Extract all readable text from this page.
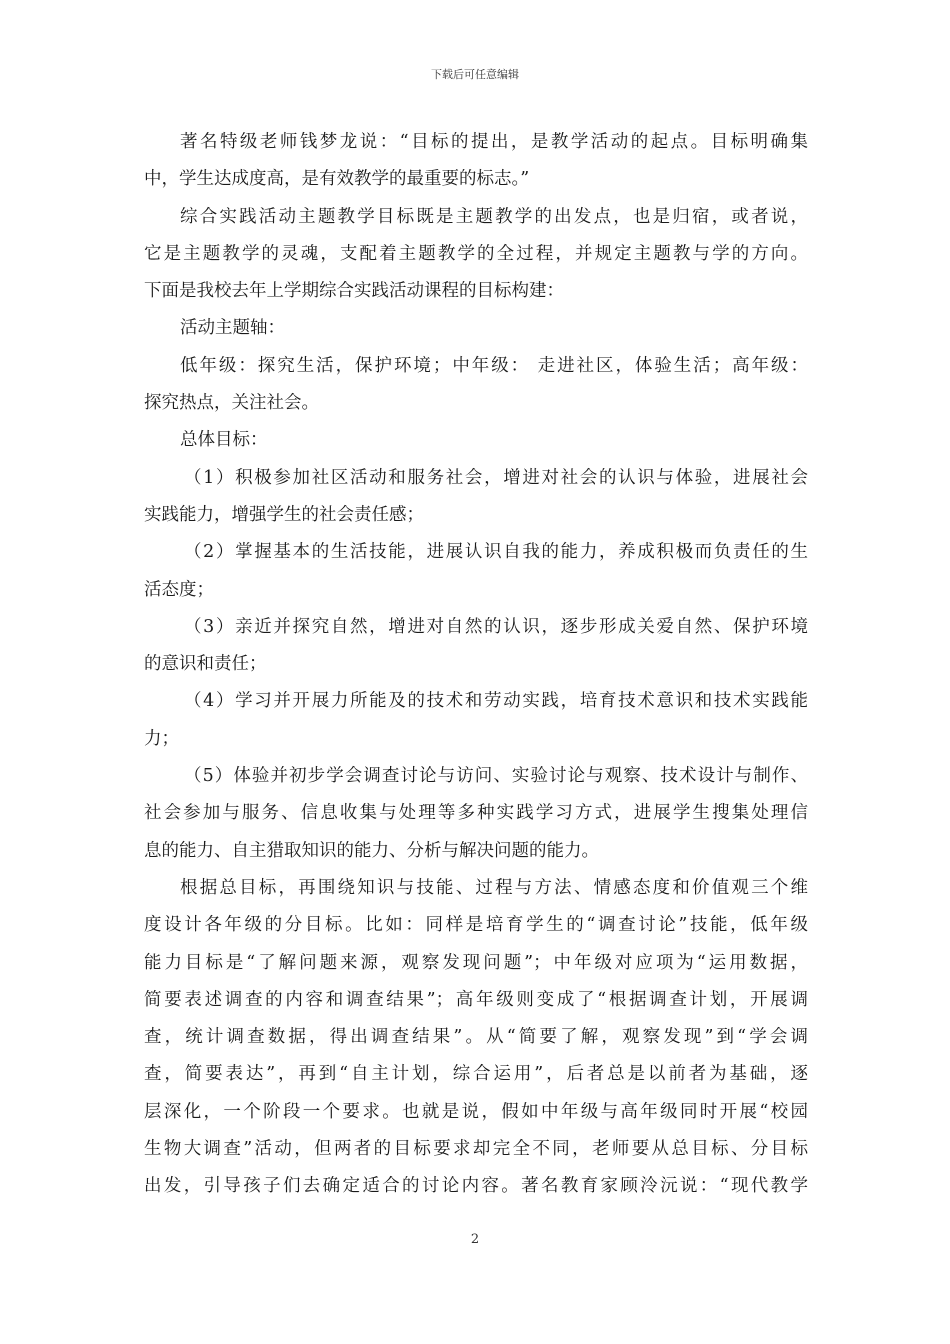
下载后可任意编辑
著名特级老师钱梦龙说：“目标的提出，是教学活动的起点。目标明确集
中，学生达成度高，是有效教学的最重要的标志。”
综合实践活动主题教学目标既是主题教学的出发点，也是归宿，或者说，
它是主题教学的灵魂，支配着主题教学的全过程，并规定主题教与学的方向。
下面是我校去年上学期综合实践活动课程的目标构建：
活动主题轴：
低年级：探究生活，保护环境；中年级： 走进社区，体验生活；高年级：
探究热点，关注社会。
总体目标：
（1）积极参加社区活动和服务社会，增进对社会的认识与体验，进展社会
实践能力，增强学生的社会责任感；
（2）掌握基本的生活技能，进展认识自我的能力，养成积极而负责任的生
活态度；
（3）亲近并探究自然，增进对自然的认识，逐步形成关爱自然、保护环境
的意识和责任；
（4）学习并开展力所能及的技术和劳动实践，培育技术意识和技术实践能
力；
（5）体验并初步学会调查讨论与访问、实验讨论与观察、技术设计与制作、
社会参加与服务、信息收集与处理等多种实践学习方式，进展学生搜集处理信
息的能力、自主猎取知识的能力、分析与解决问题的能力。
根据总目标，再围绕知识与技能、过程与方法、情感态度和价值观三个维
度设计各年级的分目标。比如：同样是培育学生的“调查讨论”技能，低年级
能力目标是“了解问题来源，观察发现问题”；中年级对应项为“运用数据，
简要表述调查的内容和调查结果”；高年级则变成了“根据调查计划，开展调
查，统计调查数据，得出调查结果”。从“简要了解，观察发现”到“学会调
查，简要表达”，再到“自主计划，综合运用”，后者总是以前者为基础，逐
层深化，一个阶段一个要求。也就是说，假如中年级与高年级同时开展“校园
生物大调查”活动，但两者的目标要求却完全不同，老师要从总目标、分目标
出发，引导孩子们去确定适合的讨论内容。著名教育家顾泠沅说：“现代教学
2
